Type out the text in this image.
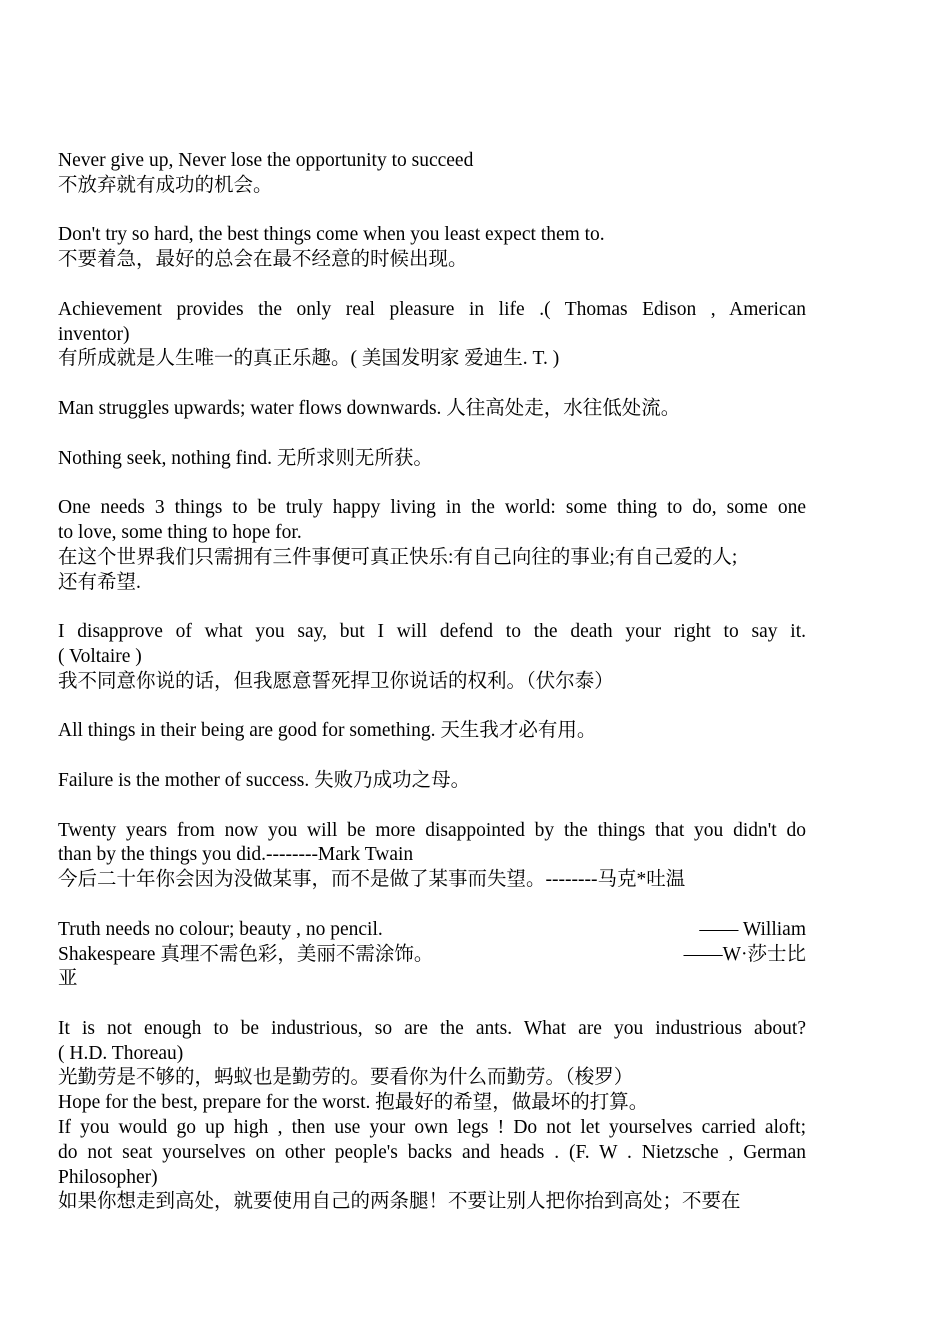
Never give up, Never lose the opportunity to succeed
不放弃就有成功的机会。
Don't try so hard, the best things come when you least expect them to.
不要着急，最好的总会在最不经意的时候出现。
Achievement provides the only real pleasure in life .( Thomas Edison , American
inventor)
有所成就是人生唯一的真正乐趣。( 美国发明家 爱迪生. T. )
Man struggles upwards; water flows downwards. 人往高处走，水往低处流。
Nothing seek, nothing find. 无所求则无所获。
One needs 3 things to be truly happy living in the world: some thing to do, some one
to love, some thing to hope for.
在这个世界我们只需拥有三件事便可真正快乐:有自己向往的事业;有自己爱的人;
还有希望.
I disapprove of what you say, but I will defend to the death your right to say it.
( Voltaire )
我不同意你说的话，但我愿意誓死捍卫你说话的权利。（伏尔泰）
All things in their being are good for something. 天生我才必有用。
Failure is the mother of success. 失败乃成功之母。
Twenty years from now you will be more disappointed by the things that you didn't do
than by the things you did.--------Mark Twain
今后二十年你会因为没做某事，而不是做了某事而失望。--------马克*吐温
Truth needs no colour; beauty , no pencil.	—— William
Shakespeare 真理不需色彩，美丽不需涂饰。	——W·莎士比
亚
It is not enough to be industrious, so are the ants. What are you industrious about?
( H.D. Thoreau)
光勤劳是不够的，蚂蚁也是勤劳的。要看你为什么而勤劳。（梭罗）
Hope for the best, prepare for the worst. 抱最好的希望，做最坏的打算。
If you would go up high , then use your own legs ! Do not let yourselves carried aloft;
do not seat yourselves on other people's backs and heads . (F. W . Nietzsche , German
Philosopher)
如果你想走到高处，就要使用自己的两条腿！不要让别人把你抬到高处；不要在
